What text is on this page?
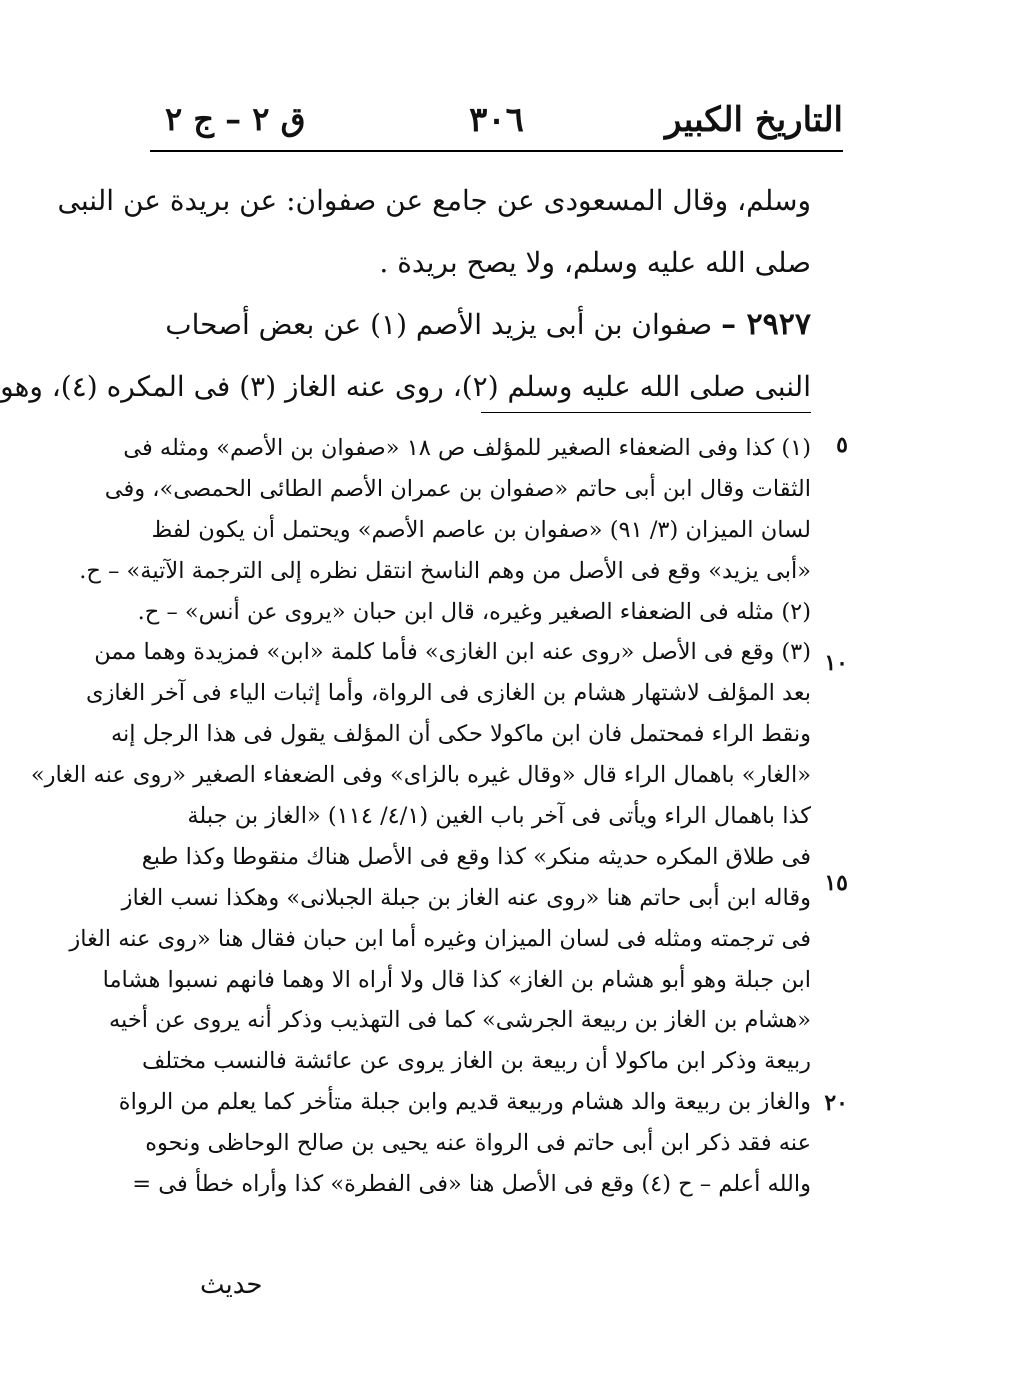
التاريخ الكبير
٣٠٦
ق ٢ – ج ٢
وسلم، وقال المسعودى عن جامع عن صفوان: عن بريدة عن النبى
صلى الله عليه وسلم، ولا يصح بريدة .
٢٩٢٧ – صفوان بن أبى يزيد الأصم (١) عن بعض أصحاب
النبى صلى الله عليه وسلم (٢)، روى عنه الغاز (٣) فى المكره (٤)، وهو
(١) كذا وفى الضعفاء الصغير للمؤلف ص ١٨ «صفوان بن الأصم» ومثله فى
الثقات وقال ابن أبى حاتم «صفوان بن عمران الأصم الطائى الحمصى»، وفى
لسان الميزان (٣/ ٩١) «صفوان بن عاصم الأصم» ويحتمل أن يكون لفظ
«أبى يزيد» وقع فى الأصل من وهم الناسخ انتقل نظره إلى الترجمة الآتية» – ح.
(٢) مثله فى الضعفاء الصغير وغيره، قال ابن حبان «يروى عن أنس» – ح.
(٣) وقع فى الأصل «روى عنه ابن الغازى» فأما كلمة «ابن» فمزيدة وهما ممن
بعد المؤلف لاشتهار هشام بن الغازى فى الرواة، وأما إثبات الياء فى آخر الغازى
ونقط الراء فمحتمل فان ابن ماكولا حكى أن المؤلف يقول فى هذا الرجل إنه
«الغار» باهمال الراء قال «وقال غيره بالزاى» وفى الضعفاء الصغير «روى عنه الغار»
كذا باهمال الراء ويأتى فى آخر باب الغين (٤/١/ ١١٤) «الغاز بن جبلة
فى طلاق المكره حديثه منكر» كذا وقع فى الأصل هناك منقوطا وكذا طبع
وقاله ابن أبى حاتم هنا «روى عنه الغاز بن جبلة الجبلانى» وهكذا نسب الغاز
فى ترجمته ومثله فى لسان الميزان وغيره أما ابن حبان فقال هنا «روى عنه الغاز
ابن جبلة وهو أبو هشام بن الغاز» كذا قال ولا أراه الا وهما فانهم نسبوا هشاما
«هشام بن الغاز بن ربيعة الجرشى» كما فى التهذيب وذكر أنه يروى عن أخيه
ربيعة وذكر ابن ماكولا أن ربيعة بن الغاز يروى عن عائشة فالنسب مختلف
والغاز بن ربيعة والد هشام وربيعة قديم وابن جبلة متأخر كما يعلم من الرواة
عنه فقد ذكر ابن أبى حاتم فى الرواة عنه يحيى بن صالح الوحاظى ونحوه
والله أعلم – ح (٤) وقع فى الأصل هنا «فى الفطرة» كذا وأراه خطأ فى =
٥
١٠
١٥
٢٠
حديث
